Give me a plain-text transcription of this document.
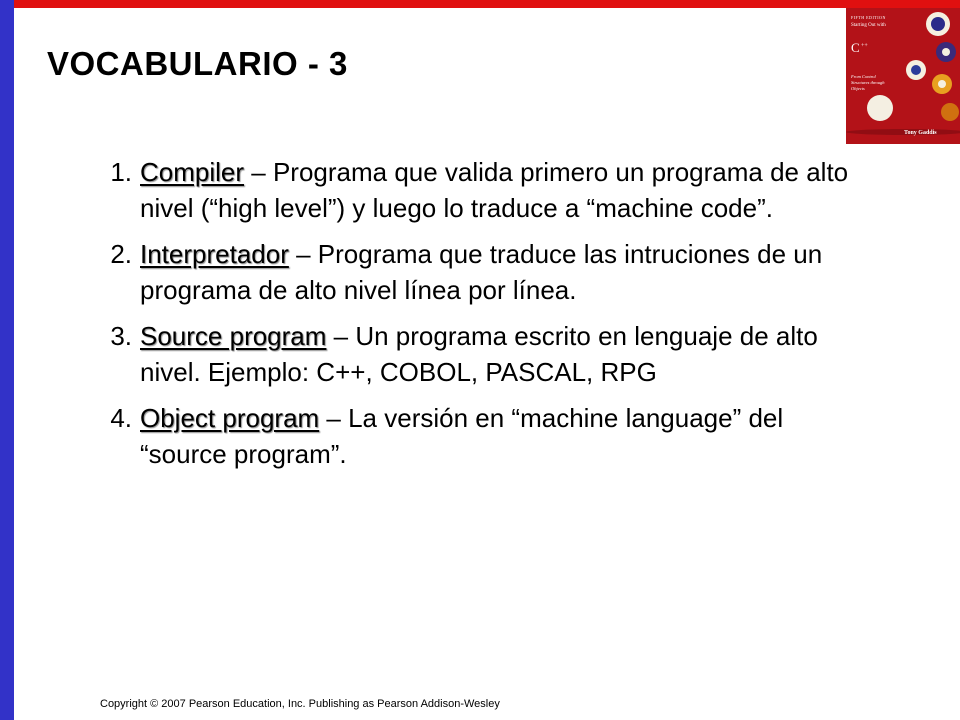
VOCABULARIO - 3
FIFTH EDITION
Starting Out with
C ++
From Control Structures through Objects
Tony Gaddis
1. Compiler – Programa que valida primero un programa de alto nivel (“high level”) y luego lo traduce a “machine code”.
2. Interpretador – Programa que traduce las intruciones de un programa de alto nivel línea por línea.
3. Source program – Un programa escrito en lenguaje de alto nivel. Ejemplo: C++, COBOL, PASCAL, RPG
4. Object program – La versión en “machine language” del “source program”.
Copyright © 2007 Pearson Education, Inc. Publishing as Pearson Addison-Wesley
